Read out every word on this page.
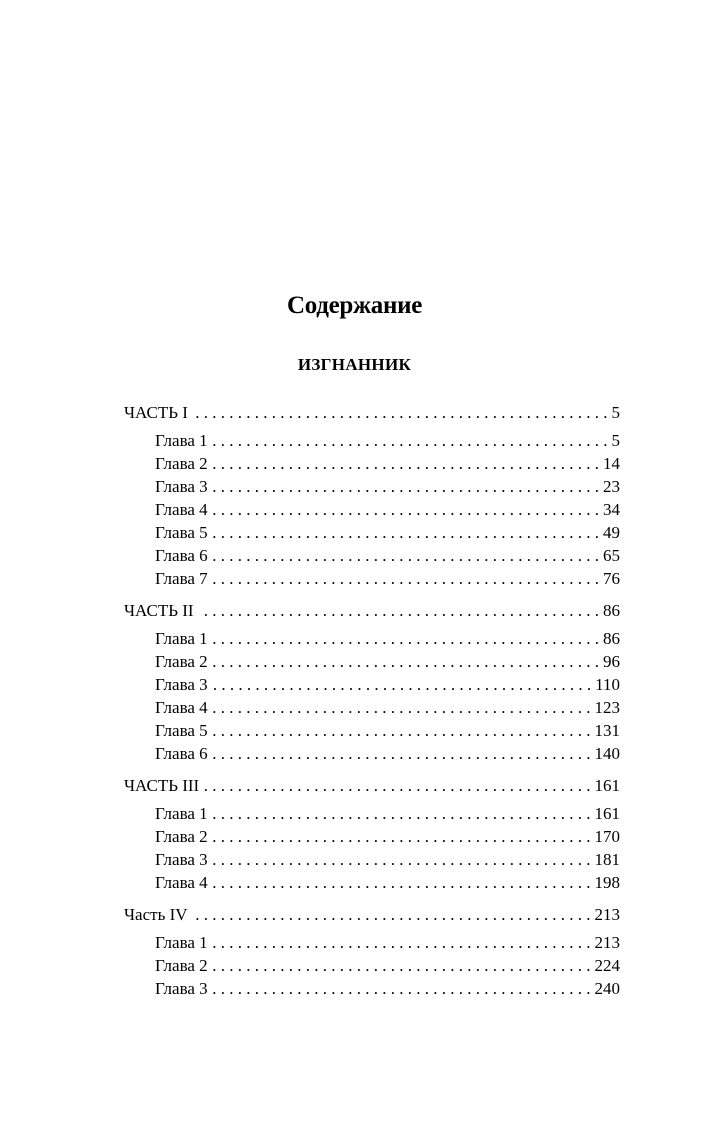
Содержание
ИЗГНАННИК
ЧАСТЬ I . . .	5
Глава 1 . . .	5
Глава 2 . . .	14
Глава 3 . . .	23
Глава 4 . . .	34
Глава 5 . . .	49
Глава 6 . . .	65
Глава 7 . . .	76
ЧАСТЬ II . . .	86
Глава 1 . . .	86
Глава 2 . . .	96
Глава 3 . . .	110
Глава 4 . . .	123
Глава 5 . . .	131
Глава 6 . . .	140
ЧАСТЬ III . . .	161
Глава 1 . . .	161
Глава 2 . . .	170
Глава 3 . . .	181
Глава 4 . . .	198
Часть IV . . .	213
Глава 1 . . .	213
Глава 2 . . .	224
Глава 3 . . .	240
